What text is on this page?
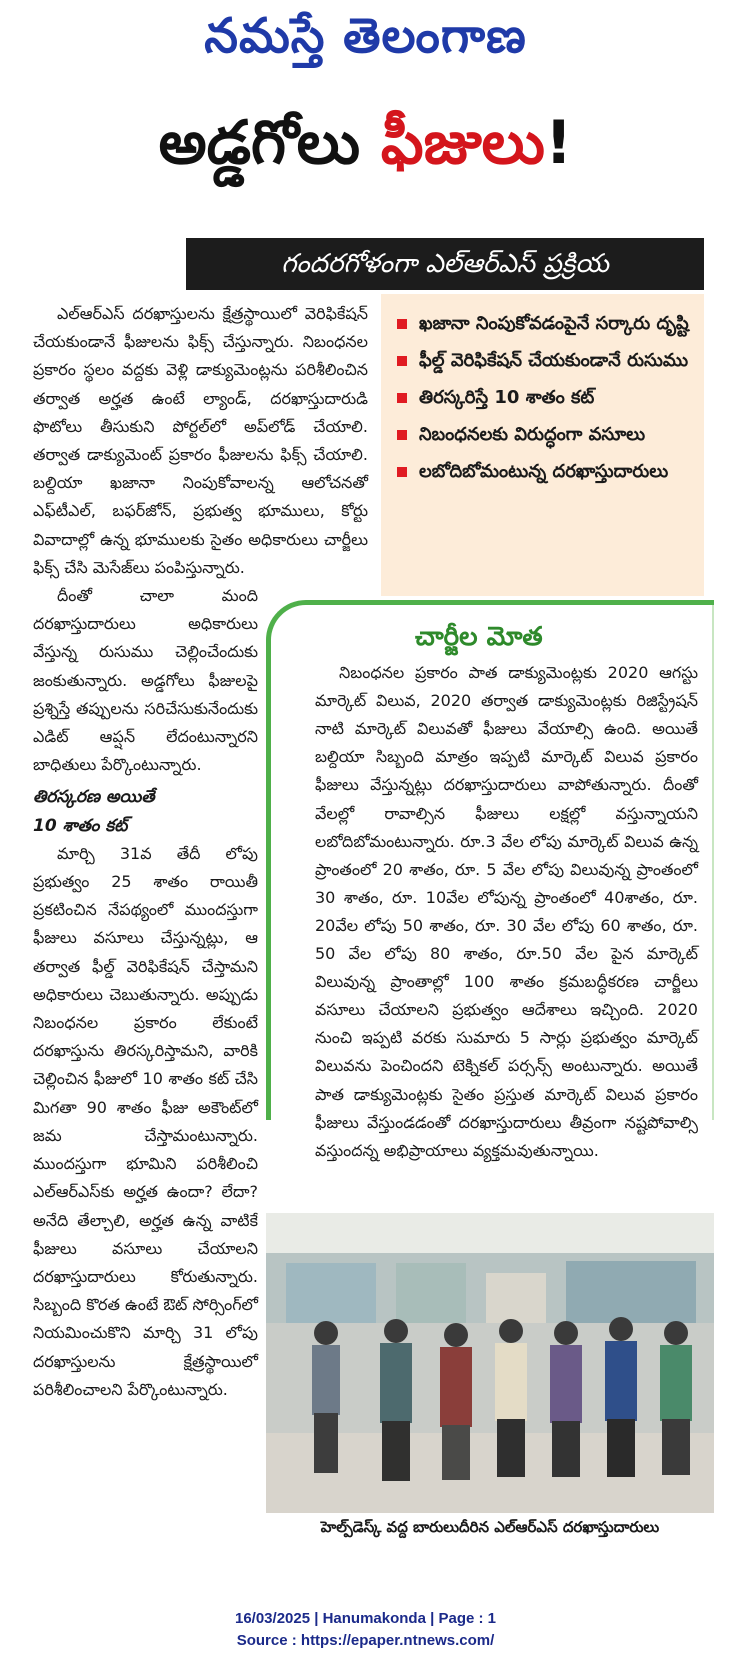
నమస్తే తెలంగాణ
అడ్డగోలు ఫీజులు!
గందరగోళంగా ఎల్‌ఆర్‌ఎస్ ప్రక్రియ
ఖజానా నింపుకోవడంపైనే సర్కారు దృష్టి
ఫీల్డ్ వెరిఫికేషన్ చేయకుండానే రుసుము
తిరస్కరిస్తే 10 శాతం కట్
నిబంధనలకు విరుద్ధంగా వసూలు
లబోదిబోమంటున్న దరఖాస్తుదారులు

ఎల్‌ఆర్‌ఎస్ దరఖాస్తులను క్షేత్రస్థాయిలో వెరిఫికేషన్ చేయకుండానే ఫీజులను ఫిక్స్ చేస్తున్నారు. నిబంధనల ప్రకారం స్థలం వద్దకు వెళ్లి డాక్యుమెంట్లను పరిశీలించిన తర్వాత అర్హత ఉంటే ల్యాండ్, దరఖాస్తుదారుడి ఫొటోలు తీసుకుని పోర్టల్‌లో అప్‌లోడ్ చేయాలి. తర్వాత డాక్యుమెంట్ ప్రకారం ఫీజులను ఫిక్స్ చేయాలి. బల్దియా ఖజానా నింపుకోవాలన్న ఆలోచనతో ఎఫ్‌టీఎల్, బఫర్‌జోన్, ప్రభుత్వ భూములు, కోర్టు వివాదాల్లో ఉన్న భూములకు సైతం అధికారులు చార్జీలు ఫిక్స్ చేసి మెసేజ్‌లు పంపిస్తున్నారు.

దీంతో చాలా మంది దరఖాస్తుదారులు అధికారులు వేస్తున్న రుసుము చెల్లించేందుకు జంకుతున్నారు. అడ్డగోలు ఫీజులపై ప్రశ్నిస్తే తప్పులను సరిచేసుకునేందుకు ఎడిట్ ఆప్షన్ లేదంటున్నారని బాధితులు పేర్కొంటున్నారు.

తిరస్కరణ అయితే

10 శాతం కట్

మార్చి 31వ తేదీ లోపు ప్రభుత్వం 25 శాతం రాయితీ ప్రకటించిన నేపథ్యంలో ముందస్తుగా ఫీజులు వసూలు చేస్తున్నట్లు, ఆ తర్వాత ఫీల్డ్ వెరిఫికేషన్ చేస్తామని అధికారులు చెబుతున్నారు. అప్పుడు నిబంధనల ప్రకారం లేకుంటే దరఖాస్తును తిరస్కరిస్తామని, వారికి చెల్లించిన ఫీజులో 10 శాతం కట్ చేసి మిగతా 90 శాతం ఫీజు అకౌంట్‌లో జమ చేస్తామంటున్నారు. ముందస్తుగా భూమిని పరిశీలించి ఎల్‌ఆర్‌ఎస్‌కు అర్హత ఉందా? లేదా? అనేది తేల్చాలి, అర్హత ఉన్న వాటికే ఫీజులు వసూలు చేయాలని దరఖాస్తుదారులు కోరుతున్నారు. సిబ్బంది కొరత ఉంటే ఔట్ సోర్సింగ్‌లో నియమించుకొని మార్చి 31 లోపు దరఖాస్తులను క్షేత్రస్థాయిలో పరిశీలించాలని పేర్కొంటున్నారు.

చార్జీల మోత

నిబంధనల ప్రకారం పాత డాక్యుమెంట్లకు 2020 ఆగస్టు మార్కెట్ విలువ, 2020 తర్వాత డాక్యుమెంట్లకు రిజిస్ట్రేషన్ నాటి మార్కెట్ విలువతో ఫీజులు వేయాల్సి ఉంది. అయితే బల్దియా సిబ్బంది మాత్రం ఇప్పటి మార్కెట్ విలువ ప్రకారం ఫీజులు వేస్తున్నట్లు దరఖాస్తుదారులు వాపోతున్నారు. దీంతో వేలల్లో రావాల్సిన ఫీజులు లక్షల్లో వస్తున్నాయని లబోదిబోమంటున్నారు. రూ.3 వేల లోపు మార్కెట్ విలువ ఉన్న ప్రాంతంలో 20 శాతం, రూ. 5 వేల లోపు విలువున్న ప్రాంతంలో 30 శాతం, రూ. 10వేల లోపున్న ప్రాంతంలో 40శాతం, రూ. 20వేల లోపు 50 శాతం, రూ. 30 వేల లోపు 60 శాతం, రూ. 50 వేల లోపు 80 శాతం, రూ.50 వేల పైన మార్కెట్ విలువున్న ప్రాంతాల్లో 100 శాతం క్రమబద్ధీకరణ చార్జీలు వసూలు చేయాలని ప్రభుత్వం ఆదేశాలు ఇచ్చింది. 2020 నుంచి ఇప్పటి వరకు సుమారు 5 సార్లు ప్రభుత్వం మార్కెట్ విలువను పెంచిందని టెక్నికల్ పర్సన్స్ అంటున్నారు. అయితే పాత డాక్యుమెంట్లకు సైతం ప్రస్తుత మార్కెట్ విలువ ప్రకారం ఫీజులు వేస్తుండడంతో దరఖాస్తుదారులు తీవ్రంగా నష్టపోవాల్సి వస్తుందన్న అభిప్రాయాలు వ్యక్తమవుతున్నాయి.

హెల్ప్‌డెస్క్ వద్ద బారులుదీరిన ఎల్‌ఆర్‌ఎస్ దరఖాస్తుదారులు
16/03/2025 | Hanumakonda | Page : 1
Source : https://epaper.ntnews.com/
